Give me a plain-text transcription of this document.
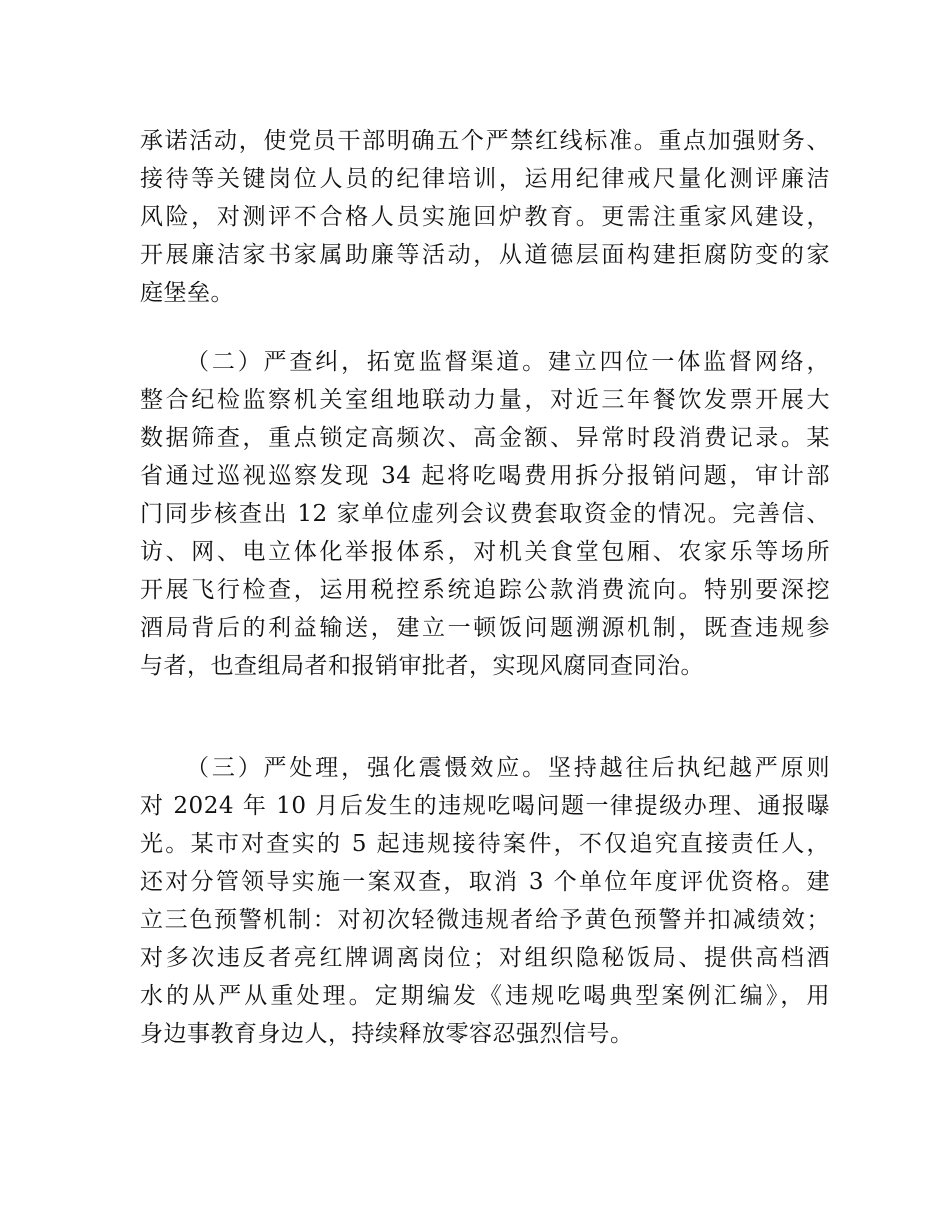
承诺活动，使党员干部明确五个严禁红线标准。重点加强财务、
接待等关键岗位人员的纪律培训，运用纪律戒尺量化测评廉洁
风险，对测评不合格人员实施回炉教育。更需注重家风建设，
开展廉洁家书家属助廉等活动，从道德层面构建拒腐防变的家
庭堡垒。
（二）严查纠，拓宽监督渠道。建立四位一体监督网络，
整合纪检监察机关室组地联动力量，对近三年餐饮发票开展大
数据筛查，重点锁定高频次、高金额、异常时段消费记录。某
省通过巡视巡察发现 34 起将吃喝费用拆分报销问题，审计部
门同步核查出 12 家单位虚列会议费套取资金的情况。完善信、
访、网、电立体化举报体系，对机关食堂包厢、农家乐等场所
开展飞行检查，运用税控系统追踪公款消费流向。特别要深挖
酒局背后的利益输送，建立一顿饭问题溯源机制，既查违规参
与者，也查组局者和报销审批者，实现风腐同查同治。
（三）严处理，强化震慑效应。坚持越往后执纪越严原则
对 2024 年 10 月后发生的违规吃喝问题一律提级办理、通报曝
光。某市对查实的 5 起违规接待案件，不仅追究直接责任人，
还对分管领导实施一案双查，取消 3 个单位年度评优资格。建
立三色预警机制：对初次轻微违规者给予黄色预警并扣减绩效；
对多次违反者亮红牌调离岗位；对组织隐秘饭局、提供高档酒
水的从严从重处理。定期编发《违规吃喝典型案例汇编》，用
身边事教育身边人，持续释放零容忍强烈信号。
